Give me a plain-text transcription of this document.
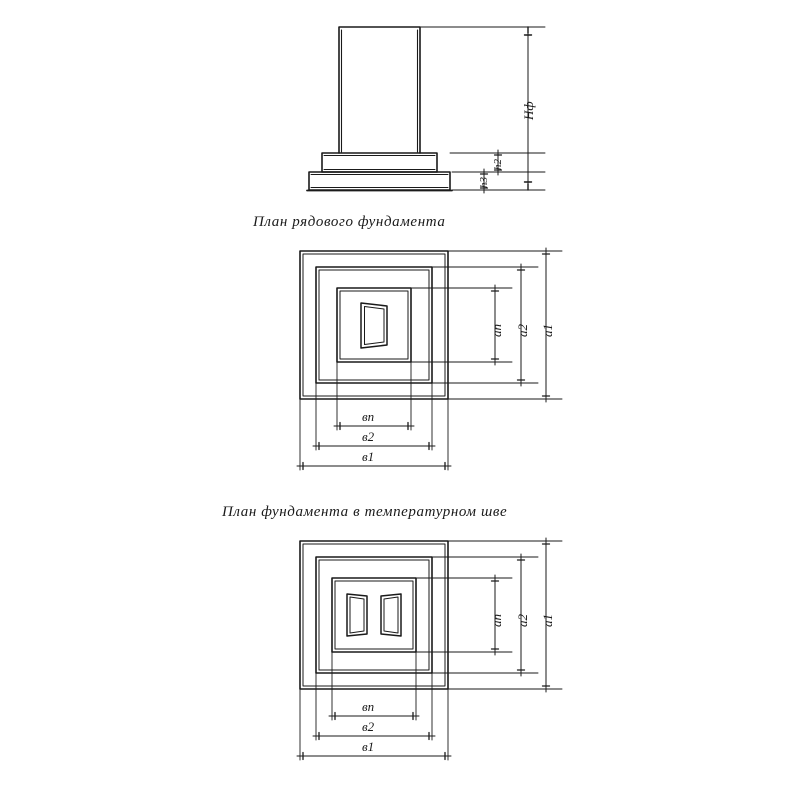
План рядового фундамента
План фундамента в температурном шве
Hф
h2
h3
ап а2 а1
вп
в2
в1
ап а2 а1
вп
в2
в1
